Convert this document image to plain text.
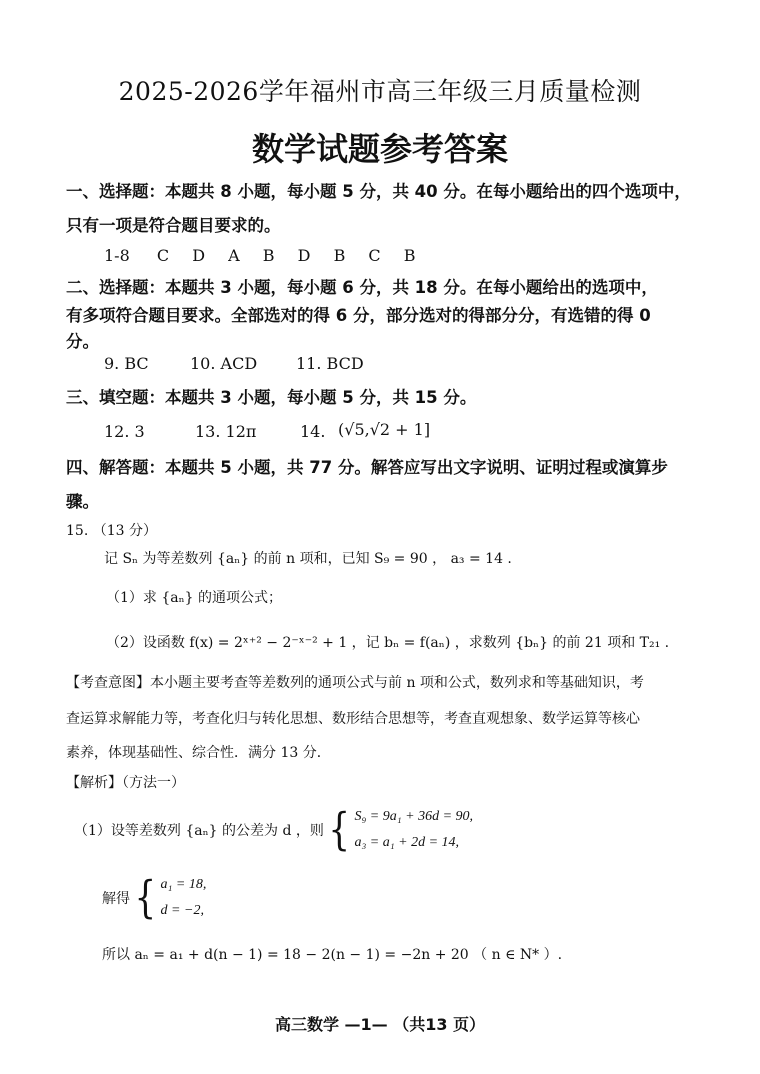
2025-2026学年福州市高三年级三月质量检测
数学试题参考答案
一、选择题：本题共 8 小题，每小题 5 分，共 40 分。在每小题给出的四个选项中，
只有一项是符合题目要求的。
1-8 C D A B D B C B
二、选择题：本题共 3 小题，每小题 6 分，共 18 分。在每小题给出的选项中，
有多项符合题目要求。全部选对的得 6 分，部分选对的得部分分，有选错的得 0
分。
9. BC	10. ACD 11. BCD
三、填空题：本题共 3 小题，每小题 5 分，共 15 分。
12. 3	13. 12π	14. (√5,√2 + 1]
四、解答题：本题共 5 小题，共 77 分。解答应写出文字说明、证明过程或演算步
骤。
15. （13 分）
记 Sₙ 为等差数列 {aₙ} 的前 n 项和，已知 S₉ = 90 ， a₃ = 14 .
（1）求 {aₙ} 的通项公式；
（2）设函数 f(x) = 2ˣ⁺² − 2⁻ˣ⁻² + 1 ，记 bₙ = f(aₙ) ，求数列 {bₙ} 的前 21 项和 T₂₁ .
【考查意图】本小题主要考查等差数列的通项公式与前 n 项和公式，数列求和等基础知识，考
查运算求解能力等，考查化归与转化思想、数形结合思想等，考查直观想象、数学运算等核心
素养，体现基础性、综合性．满分 13 分．
【解析】（方法一）
（1）设等差数列 {aₙ} 的公差为 d ，则 { S₉ = 9a₁ + 36d = 90,
a₃ = a₁ + 2d = 14,
解得 { a₁ = 18,
d = −2,
所以 aₙ = a₁ + d(n − 1) = 18 − 2(n − 1) = −2n + 20 （ n ∈ N* ）.
高三数学 —1— （共13 页）
